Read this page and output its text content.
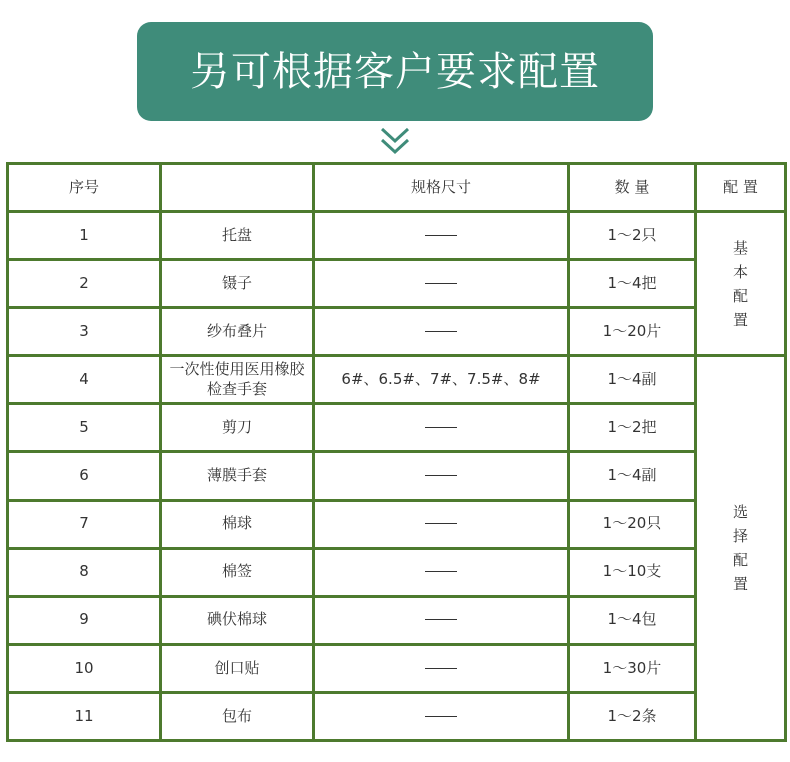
另可根据客户要求配置
序号		规格尺寸	数 量	配 置
1	托盘		1～2只	基本配置
2	镊子		1～4把	
3	纱布叠片		1～20片	
4	一次性使用医用橡胶检查手套	6#、6.5#、7#、7.5#、8#	1～4副	选择配置
5	剪刀		1～2把	
6	薄膜手套		1～4副	
7	棉球		1～20只	
8	棉签		1～10支	
9	碘伏棉球		1～4包	
10	创口贴		1～30片	
11	包布		1～2条	
